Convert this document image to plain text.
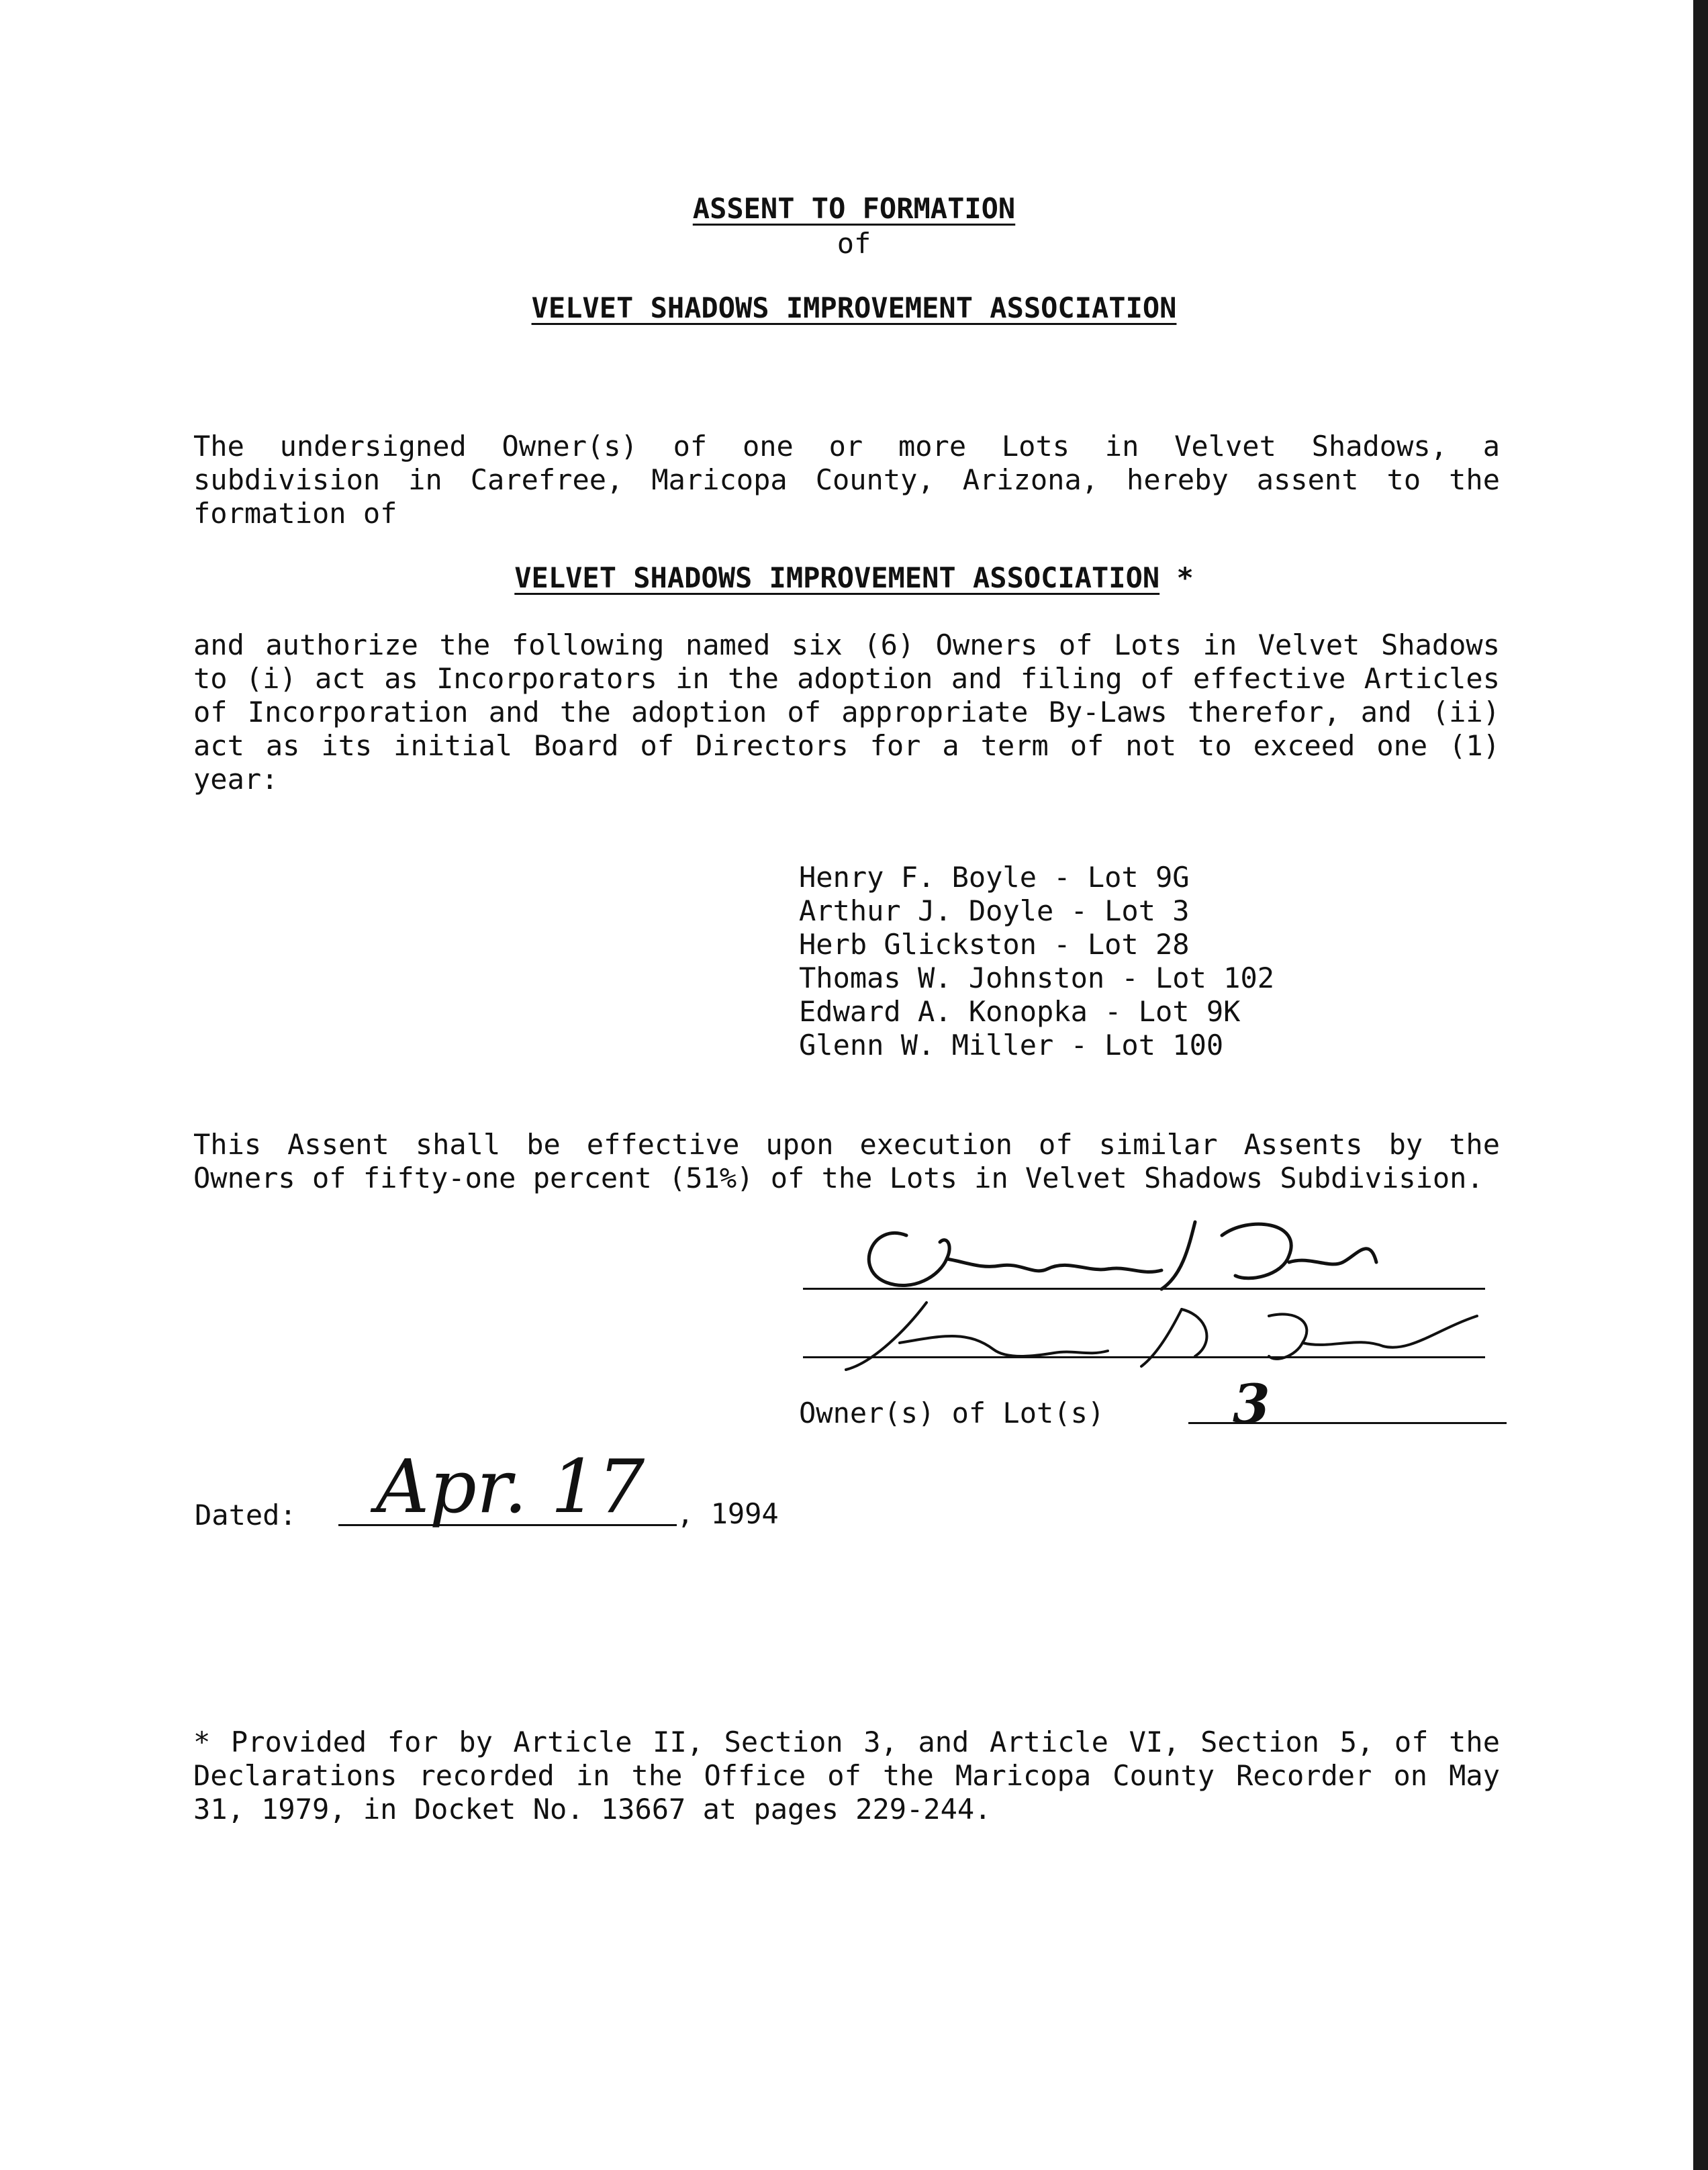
ASSENT TO FORMATION
of
VELVET SHADOWS IMPROVEMENT ASSOCIATION

The undersigned Owner(s) of one or more Lots in Velvet Shadows, a subdivision in Carefree, Maricopa County, Arizona, hereby assent to the formation of

VELVET SHADOWS IMPROVEMENT ASSOCIATION *

and authorize the following named six (6) Owners of Lots in Velvet Shadows to (i) act as Incorporators in the adoption and filing of effective Articles of Incorporation and the adoption of appropriate By-Laws therefor, and (ii) act as its initial Board of Directors for a term of not to exceed one (1) year:

Henry F. Boyle - Lot 9G
Arthur J. Doyle - Lot 3
Herb Glickston - Lot 28
Thomas W. Johnston - Lot 102
Edward A. Konopka - Lot 9K
Glenn W. Miller - Lot 100

This Assent shall be effective upon execution of similar Assents by the Owners of fifty-one percent (51%) of the Lots in Velvet Shadows Subdivision.

Owner(s) of Lot(s) 3
Dated: Apr. 17 , 1994

* Provided for by Article II, Section 3, and Article VI, Section 5, of the Declarations recorded in the Office of the Maricopa County Recorder on May 31, 1979, in Docket No. 13667 at pages 229-244.
